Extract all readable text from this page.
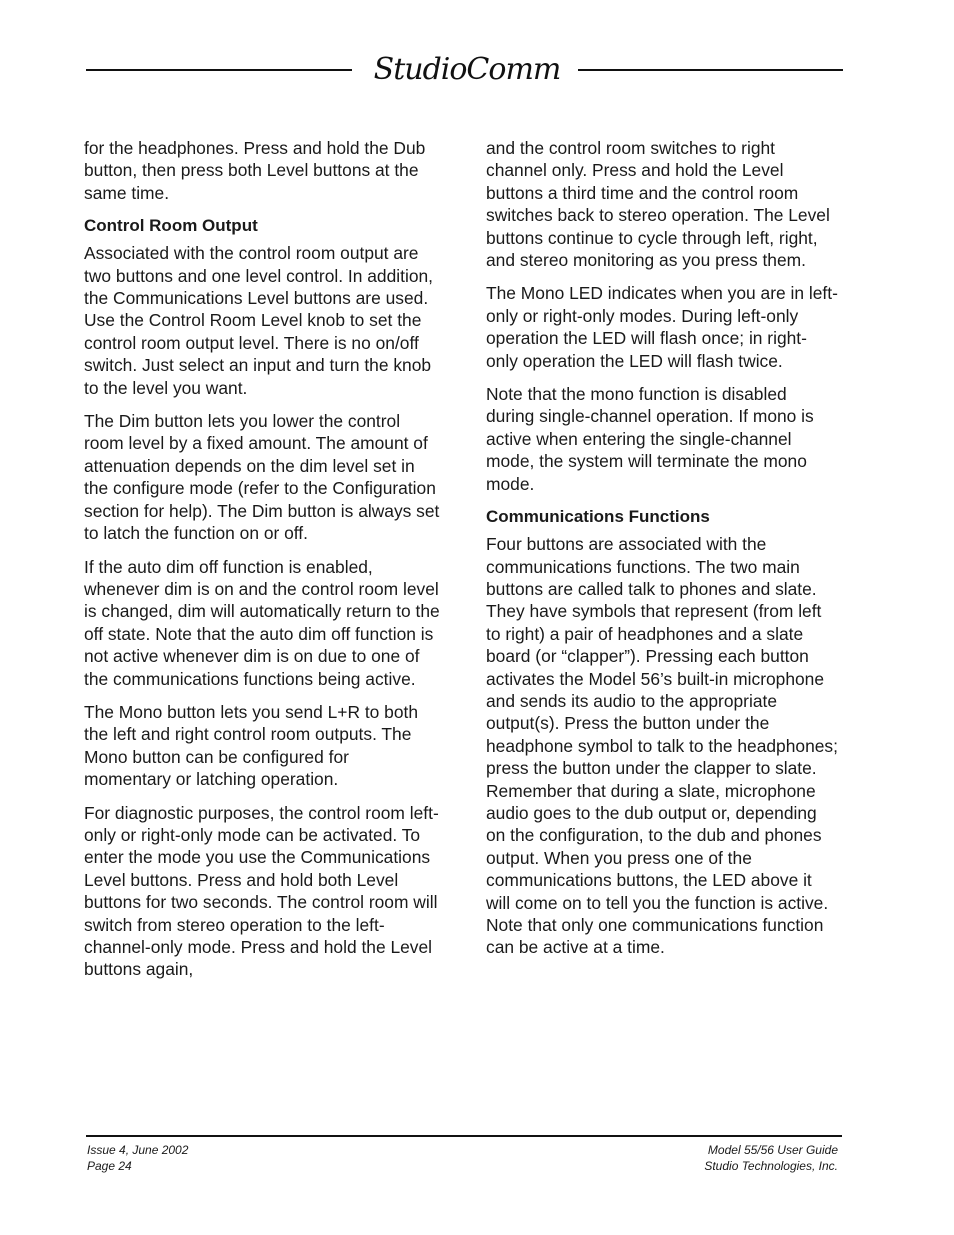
StudioComm

for the headphones. Press and hold the Dub button, then press both Level buttons at the same time.

Control Room Output

Associated with the control room output are two buttons and one level control. In addition, the Communications Level buttons are used. Use the Control Room Level knob to set the control room output level. There is no on/off switch. Just select an input and turn the knob to the level you want.

The Dim button lets you lower the control room level by a fixed amount. The amount of attenuation depends on the dim level set in the configure mode (refer to the Configuration section for help). The Dim button is always set to latch the function on or off.

If the auto dim off function is enabled, whenever dim is on and the control room level is changed, dim will automatically return to the off state. Note that the auto dim off function is not active whenever dim is on due to one of the communications functions being active.

The Mono button lets you send L+R to both the left and right control room outputs. The Mono button can be configured for momentary or latching operation.

For diagnostic purposes, the control room left-only or right-only mode can be activated. To enter the mode you use the Communications Level buttons. Press and hold both Level buttons for two seconds. The control room will switch from stereo operation to the left-channel-only mode. Press and hold the Level buttons again,

and the control room switches to right channel only. Press and hold the Level buttons a third time and the control room switches back to stereo operation. The Level buttons continue to cycle through left, right, and stereo monitoring as you press them.

The Mono LED indicates when you are in left-only or right-only modes. During left-only operation the LED will flash once; in right-only operation the LED will flash twice.

Note that the mono function is disabled during single-channel operation. If mono is active when entering the single-channel mode, the system will terminate the mono mode.

Communications Functions

Four buttons are associated with the communications functions. The two main buttons are called talk to phones and slate. They have symbols that represent (from left to right) a pair of headphones and a slate board (or “clapper”). Pressing each button activates the Model 56’s built-in microphone and sends its audio to the appropriate output(s). Press the button under the headphone symbol to talk to the headphones; press the button under the clapper to slate. Remember that during a slate, microphone audio goes to the dub output or, depending on the configuration, to the dub and phones output. When you press one of the communications buttons, the LED above it will come on to tell you the function is active. Note that only one communications function can be active at a time.

Issue 4, June 2002
Page 24
Model 55/56 User Guide
Studio Technologies, Inc.
